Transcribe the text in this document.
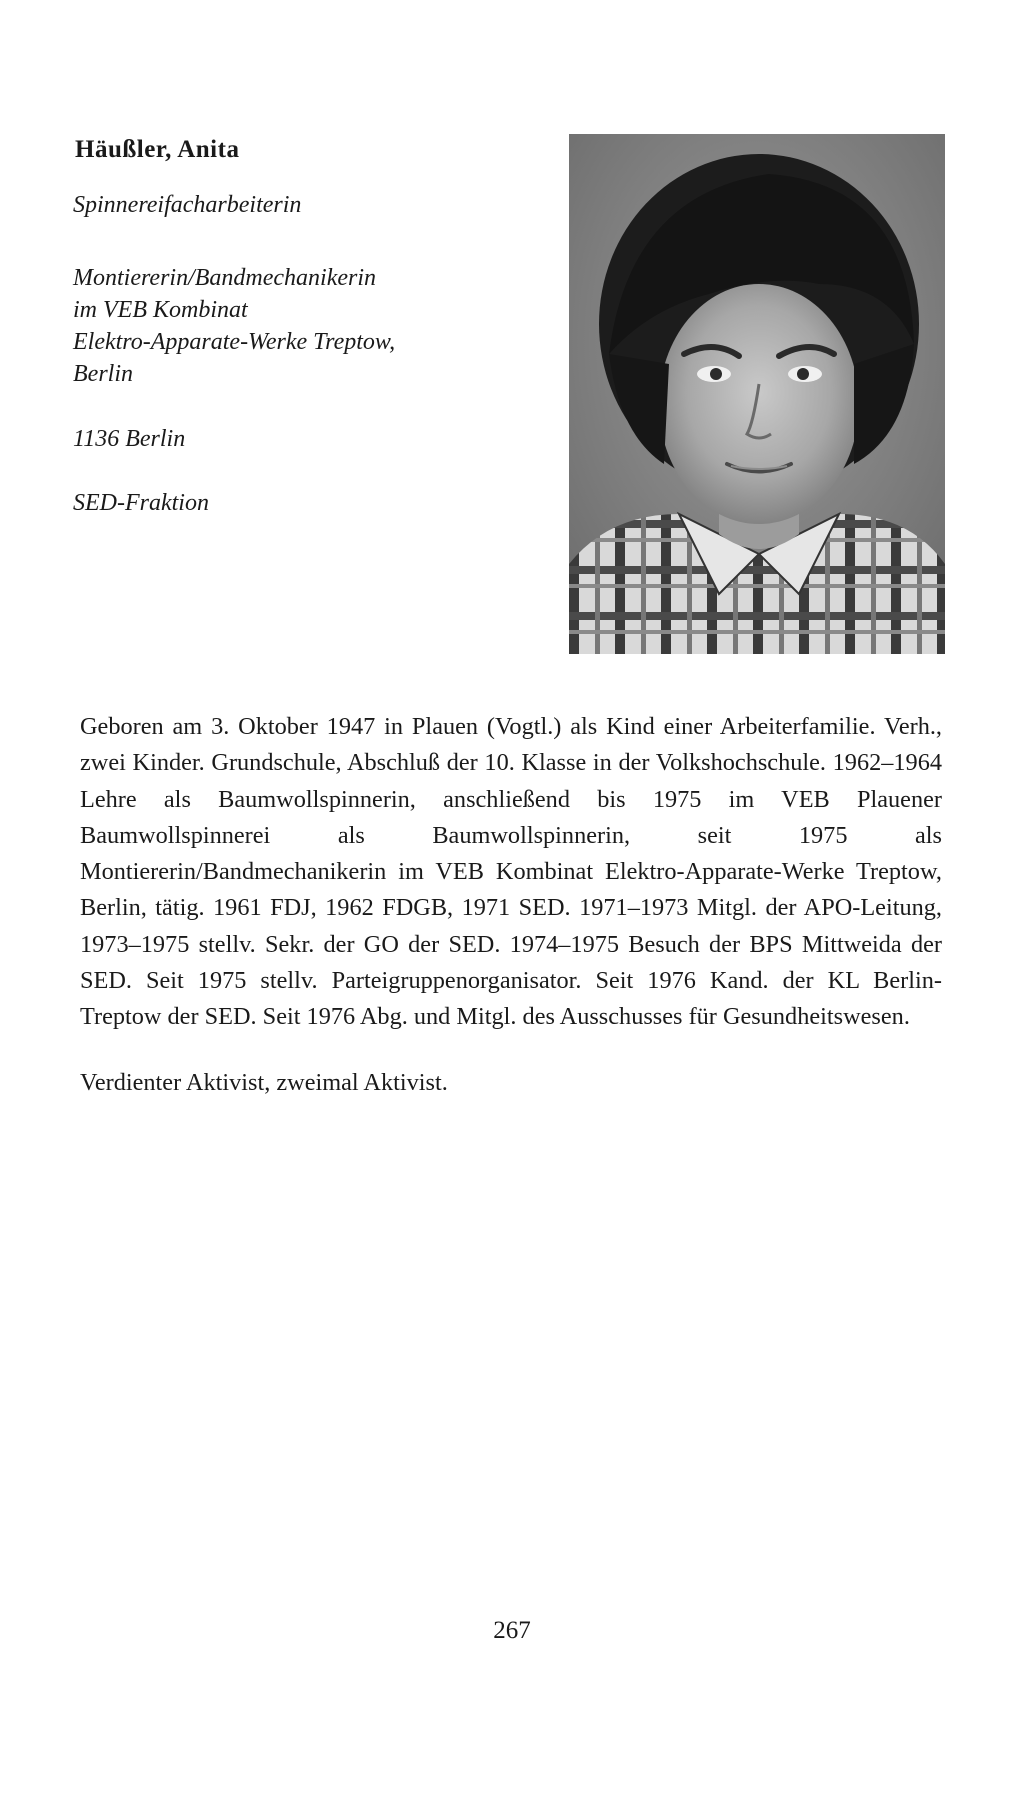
Häußler, Anita

Spinnereifacharbeiterin

Montiererin/Bandmechanikerin
im VEB Kombinat
Elektro-Apparate-Werke Treptow,
Berlin

1136 Berlin

SED-Fraktion

Geboren am 3. Oktober 1947 in Plauen (Vogtl.) als Kind einer Arbeiterfamilie. Verh., zwei Kinder. Grundschule, Abschluß der 10. Klasse in der Volkshochschule. 1962–1964 Lehre als Baumwollspinnerin, anschließend bis 1975 im VEB Plauener Baumwollspinnerei als Baumwollspinnerin, seit 1975 als Montiererin/Bandmechanikerin im VEB Kombinat Elektro-Apparate-Werke Treptow, Berlin, tätig. 1961 FDJ, 1962 FDGB, 1971 SED. 1971–1973 Mitgl. der APO-Leitung, 1973–1975 stellv. Sekr. der GO der SED. 1974–1975 Besuch der BPS Mittweida der SED. Seit 1975 stellv. Parteigruppenorganisator. Seit 1976 Kand. der KL Berlin-Treptow der SED. Seit 1976 Abg. und Mitgl. des Ausschusses für Gesundheitswesen.

Verdienter Aktivist, zweimal Aktivist.

267
